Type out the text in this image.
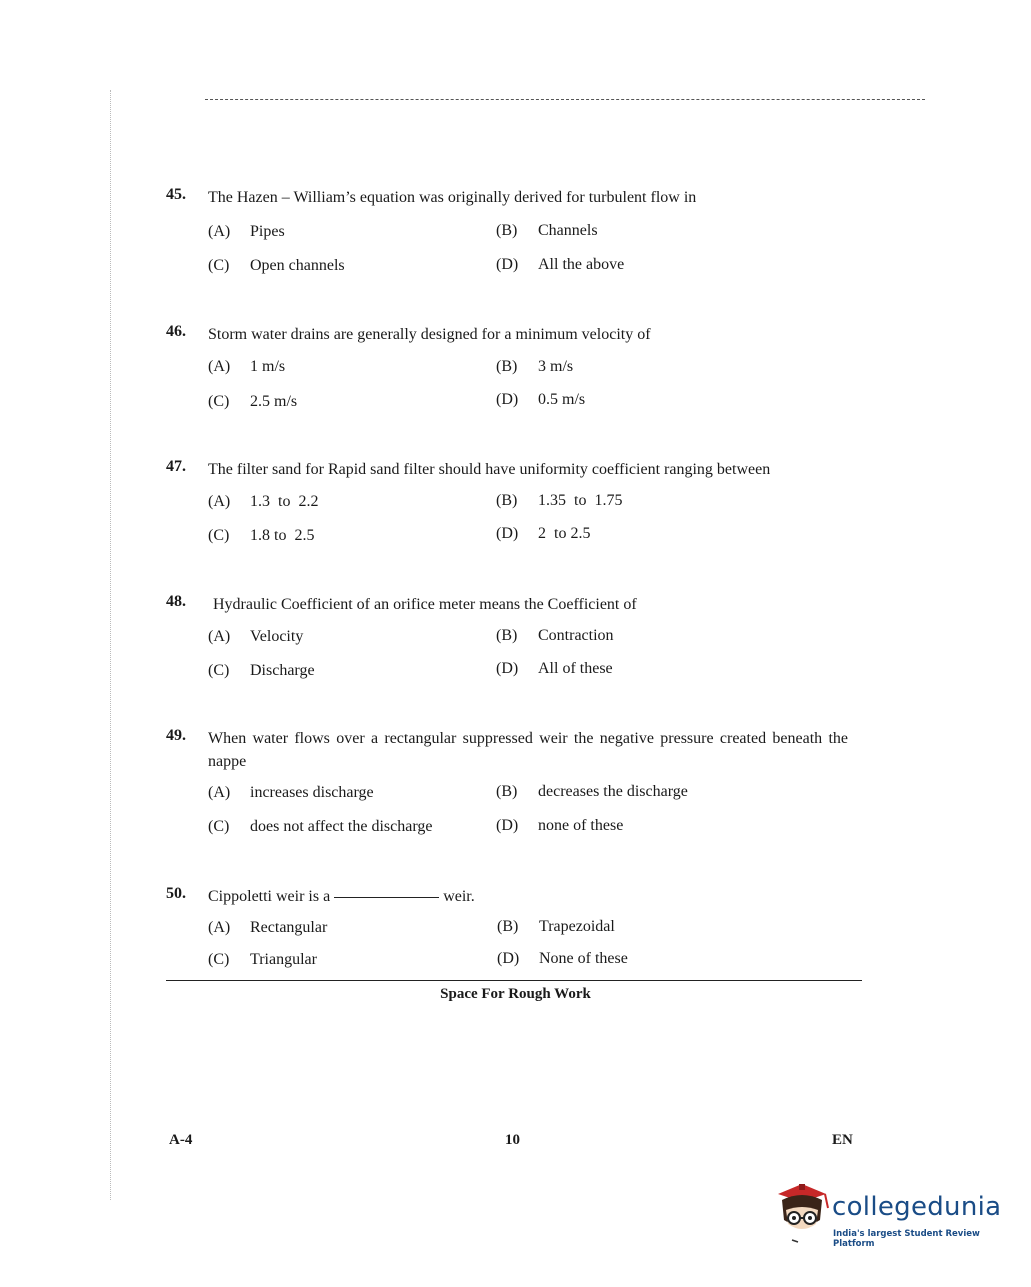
45. The Hazen – William’s equation was originally derived for turbulent flow in
(A) Pipes	(B) Channels
(C) Open channels	(D) All the above
46. Storm water drains are generally designed for a minimum velocity of
(A) 1 m/s	(B) 3 m/s
(C) 2.5 m/s	(D) 0.5 m/s
47. The filter sand for Rapid sand filter should have uniformity coefficient ranging between
(A) 1.3  to  2.2	(B) 1.35  to  1.75
(C) 1.8 to  2.5	(D) 2  to 2.5
48. Hydraulic Coefficient of an orifice meter means the Coefficient of
(A) Velocity	(B) Contraction
(C) Discharge	(D) All of these
49. When water flows over a rectangular suppressed weir the negative pressure created beneath the nappe
(A) increases discharge	(B) decreases the discharge
(C) does not affect the discharge	(D) none of these
50. Cippoletti weir is a	weir.
(A) Rectangular	(B) Trapezoidal
(C) Triangular	(D) None of these
Space For Rough Work
A-4	10	EN
collegedunia
India's largest Student Review Platform
